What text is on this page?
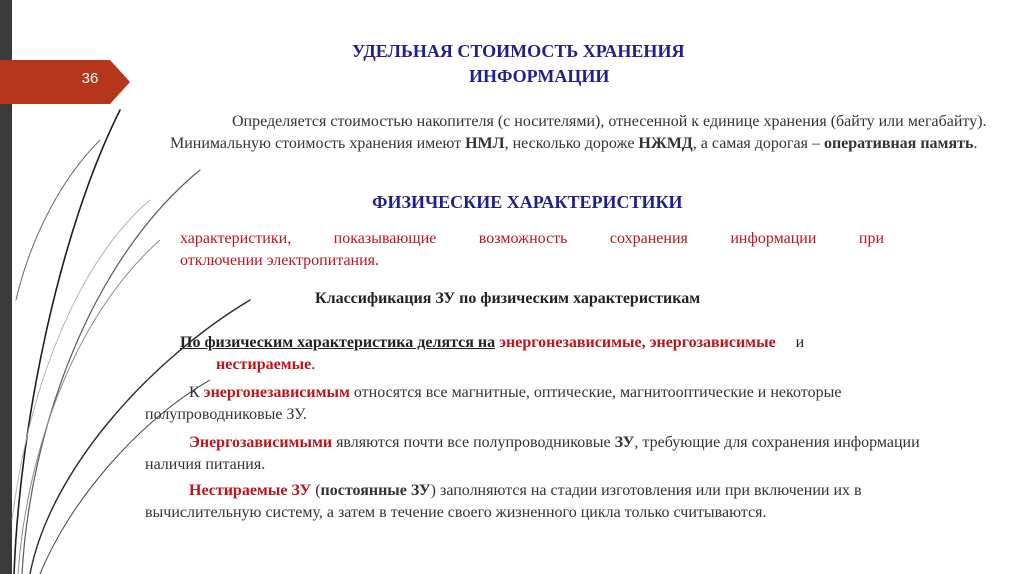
36

УДЕЛЬНАЯ СТОИМОСТЬ ХРАНЕНИЯ

ИНФОРМАЦИИ

Определяется стоимостью накопителя (с носителями), отнесенной к единице хранения (байту или мегабайту). Минимальную стоимость хранения имеют НМЛ, несколько дороже НЖМД, а самая дорогая – оперативная память.

ФИЗИЧЕСКИЕ ХАРАКТЕРИСТИКИ

характеристики, показывающие возможность сохранения информации при
отключении электропитания.

Классификация ЗУ по физическим характеристикам

По физическим характеристика делятся на энергонезависимые, энергозависимые и
нестираемые.

К энергонезависимым относятся все магнитные, оптические, магнитооптические и некоторые полупроводниковые ЗУ.

Энергозависимыми являются почти все полупроводниковые ЗУ, требующие для сохранения информации наличия питания.

Нестираемые ЗУ (постоянные ЗУ) заполняются на стадии изготовления или при включении их в вычислительную систему, а затем в течение своего жизненного цикла только считываются.
